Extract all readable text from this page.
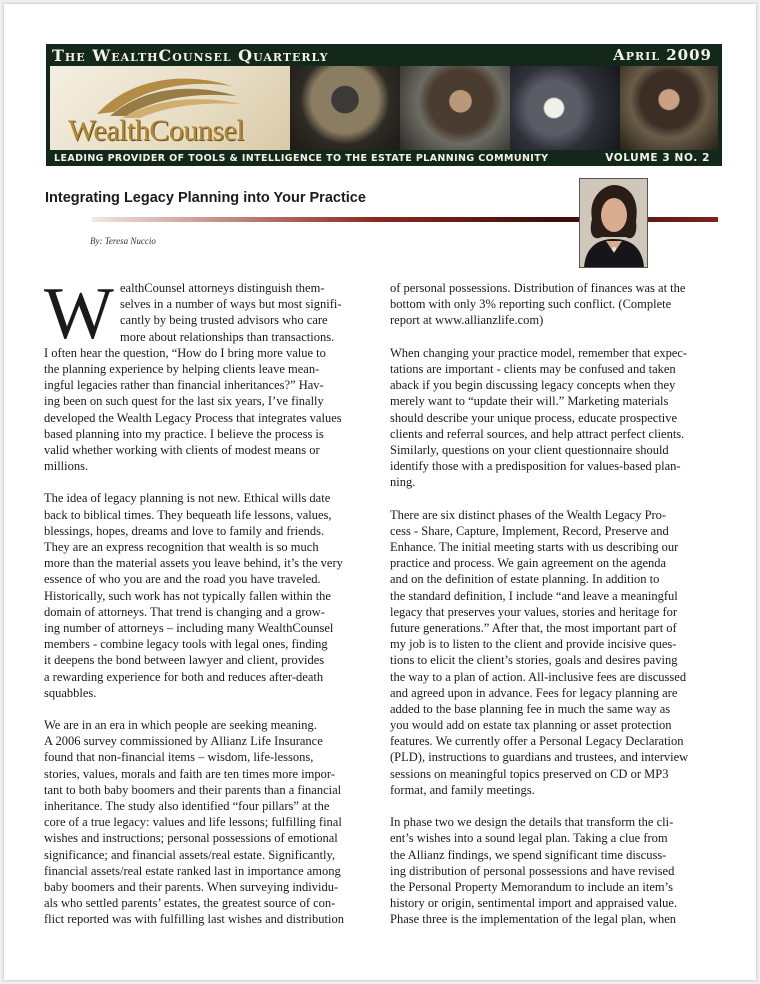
The WealthCounsel Quarterly	April 2009
WealthCounsel
LEADING PROVIDER OF TOOLS & INTELLIGENCE TO THE ESTATE PLANNING COMMUNITY	VOLUME 3 NO. 2
Integrating Legacy Planning into Your Practice
By: Teresa Nuccio
W ealthCounsel attorneys distinguish them-
selves in a number of ways but most signifi-
cantly by being trusted advisors who care
more about relationships than transactions.
I often hear the question, “How do I bring more value to
the planning experience by helping clients leave mean-
ingful legacies rather than financial inheritances?” Hav-
ing been on such quest for the last six years, I’ve finally
developed the Wealth Legacy Process that integrates values
based planning into my practice. I believe the process is
valid whether working with clients of modest means or
millions.

The idea of legacy planning is not new. Ethical wills date
back to biblical times. They bequeath life lessons, values,
blessings, hopes, dreams and love to family and friends.
They are an express recognition that wealth is so much
more than the material assets you leave behind, it’s the very
essence of who you are and the road you have traveled.
Historically, such work has not typically fallen within the
domain of attorneys. That trend is changing and a grow-
ing number of attorneys – including many WealthCounsel
members - combine legacy tools with legal ones, finding
it deepens the bond between lawyer and client, provides
a rewarding experience for both and reduces after-death
squabbles.

We are in an era in which people are seeking meaning.
A 2006 survey commissioned by Allianz Life Insurance
found that non-financial items – wisdom, life-lessons,
stories, values, morals and faith are ten times more impor-
tant to both baby boomers and their parents than a financial
inheritance. The study also identified “four pillars” at the
core of a true legacy: values and life lessons; fulfilling final
wishes and instructions; personal possessions of emotional
significance; and financial assets/real estate. Significantly,
financial assets/real estate ranked last in importance among
baby boomers and their parents. When surveying individu-
als who settled parents’ estates, the greatest source of con-
flict reported was with fulfilling last wishes and distribution
of personal possessions. Distribution of finances was at the
bottom with only 3% reporting such conflict. (Complete
report at www.allianzlife.com)

When changing your practice model, remember that expec-
tations are important - clients may be confused and taken
aback if you begin discussing legacy concepts when they
merely want to “update their will.” Marketing materials
should describe your unique process, educate prospective
clients and referral sources, and help attract perfect clients.
Similarly, questions on your client questionnaire should
identify those with a predisposition for values-based plan-
ning.

There are six distinct phases of the Wealth Legacy Pro-
cess - Share, Capture, Implement, Record, Preserve and
Enhance. The initial meeting starts with us describing our
practice and process. We gain agreement on the agenda
and on the definition of estate planning. In addition to
the standard definition, I include “and leave a meaningful
legacy that preserves your values, stories and heritage for
future generations.” After that, the most important part of
my job is to listen to the client and provide incisive ques-
tions to elicit the client’s stories, goals and desires paving
the way to a plan of action. All-inclusive fees are discussed
and agreed upon in advance. Fees for legacy planning are
added to the base planning fee in much the same way as
you would add on estate tax planning or asset protection
features. We currently offer a Personal Legacy Declaration
(PLD), instructions to guardians and trustees, and interview
sessions on meaningful topics preserved on CD or MP3
format, and family meetings.

In phase two we design the details that transform the cli-
ent’s wishes into a sound legal plan. Taking a clue from
the Allianz findings, we spend significant time discuss-
ing distribution of personal possessions and have revised
the Personal Property Memorandum to include an item’s
history or origin, sentimental import and appraised value.
Phase three is the implementation of the legal plan, when
